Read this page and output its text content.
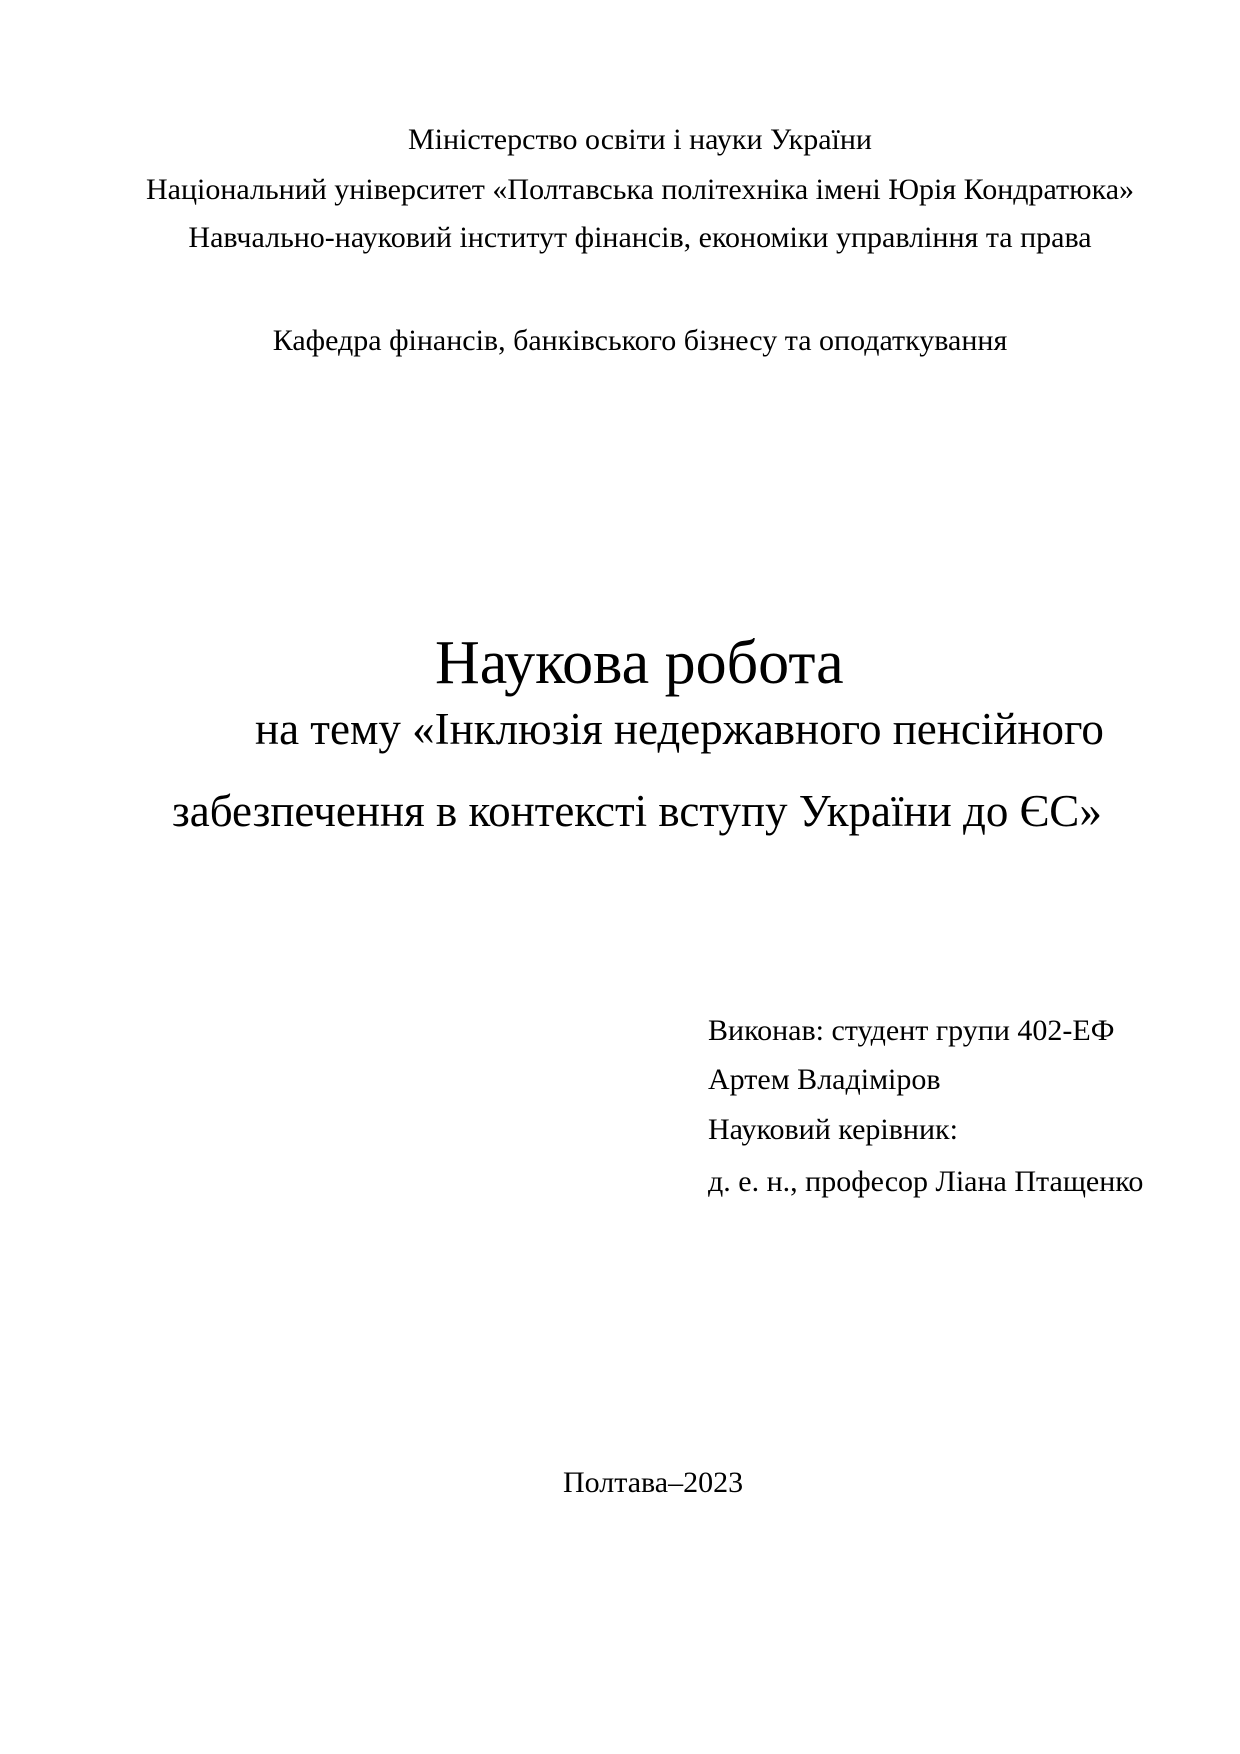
Міністерство освіти і науки України
Національний університет «Полтавська політехніка імені Юрія Кондратюка»
Навчально-науковий інститут фінансів, економіки управління та права
Кафедра фінансів, банківського бізнесу та оподаткування
Наукова робота
на тему «Інклюзія недержавного пенсійного
забезпечення в контексті вступу України до ЄС»
Виконав: студент групи 402-ЕФ
Артем Владіміров
Науковий керівник:
д. е. н., професор Ліана Птащенко
Полтава–2023
